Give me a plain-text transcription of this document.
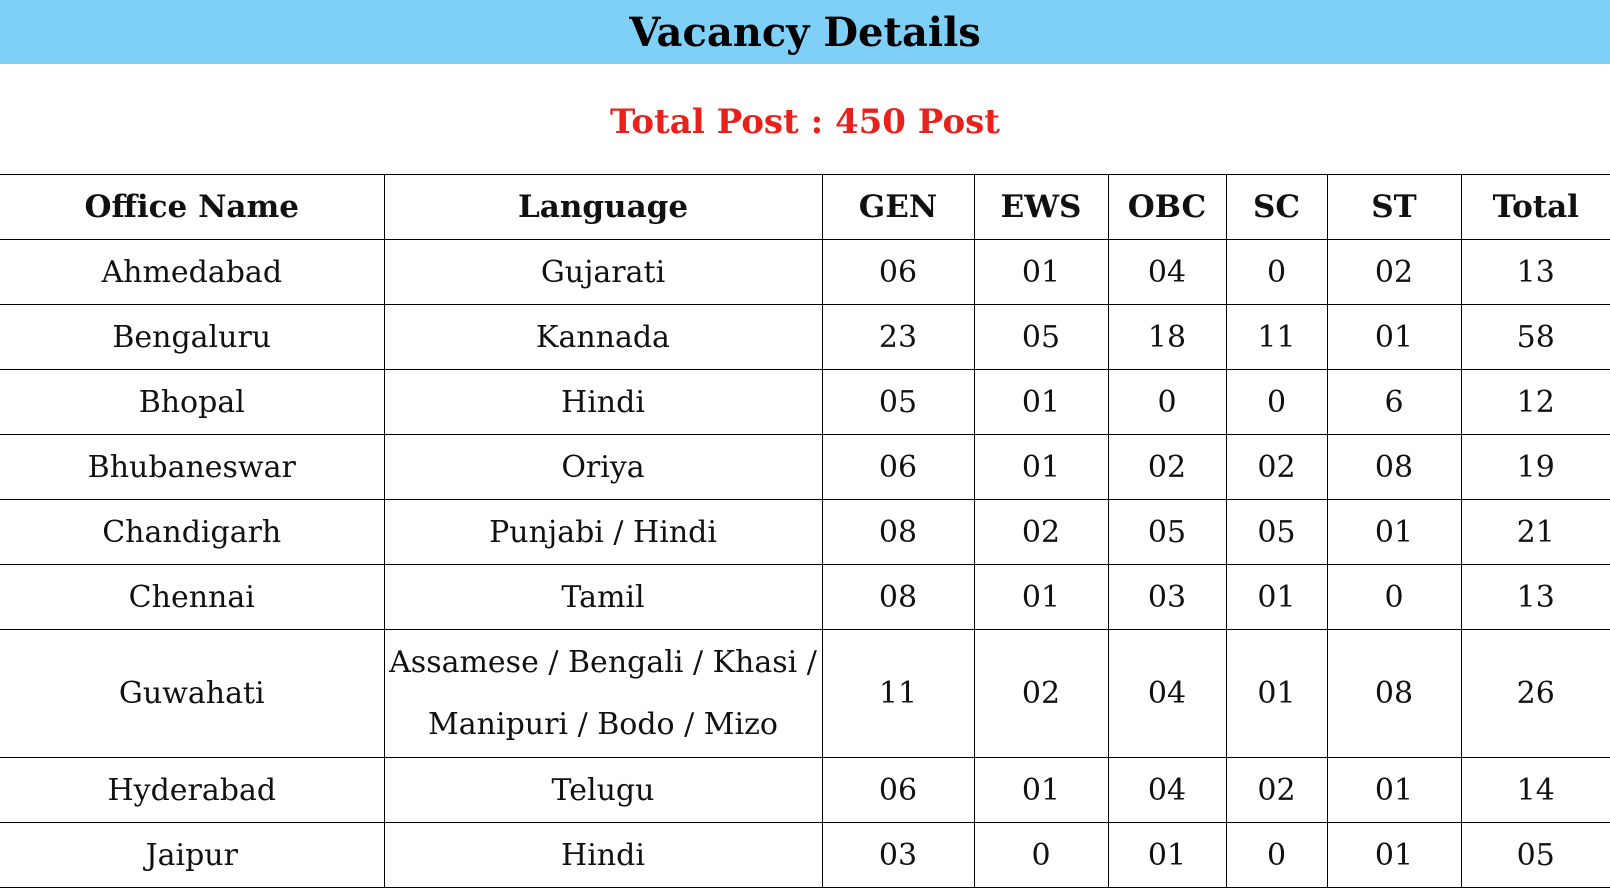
Vacancy Details
Total Post : 450 Post
Office Name	Language	GEN	EWS	OBC	SC	ST	Total
Ahmedabad	Gujarati	06	01	04	0	02	13
Bengaluru	Kannada	23	05	18	11	01	58
Bhopal	Hindi	05	01	0	0	6	12
Bhubaneswar	Oriya	06	01	02	02	08	19
Chandigarh	Punjabi / Hindi	08	02	05	05	01	21
Chennai	Tamil	08	01	03	01	0	13
Guwahati	Assamese / Bengali / Khasi / Manipuri / Bodo / Mizo	11	02	04	01	08	26
Hyderabad	Telugu	06	01	04	02	01	14
Jaipur	Hindi	03	0	01	0	01	05
